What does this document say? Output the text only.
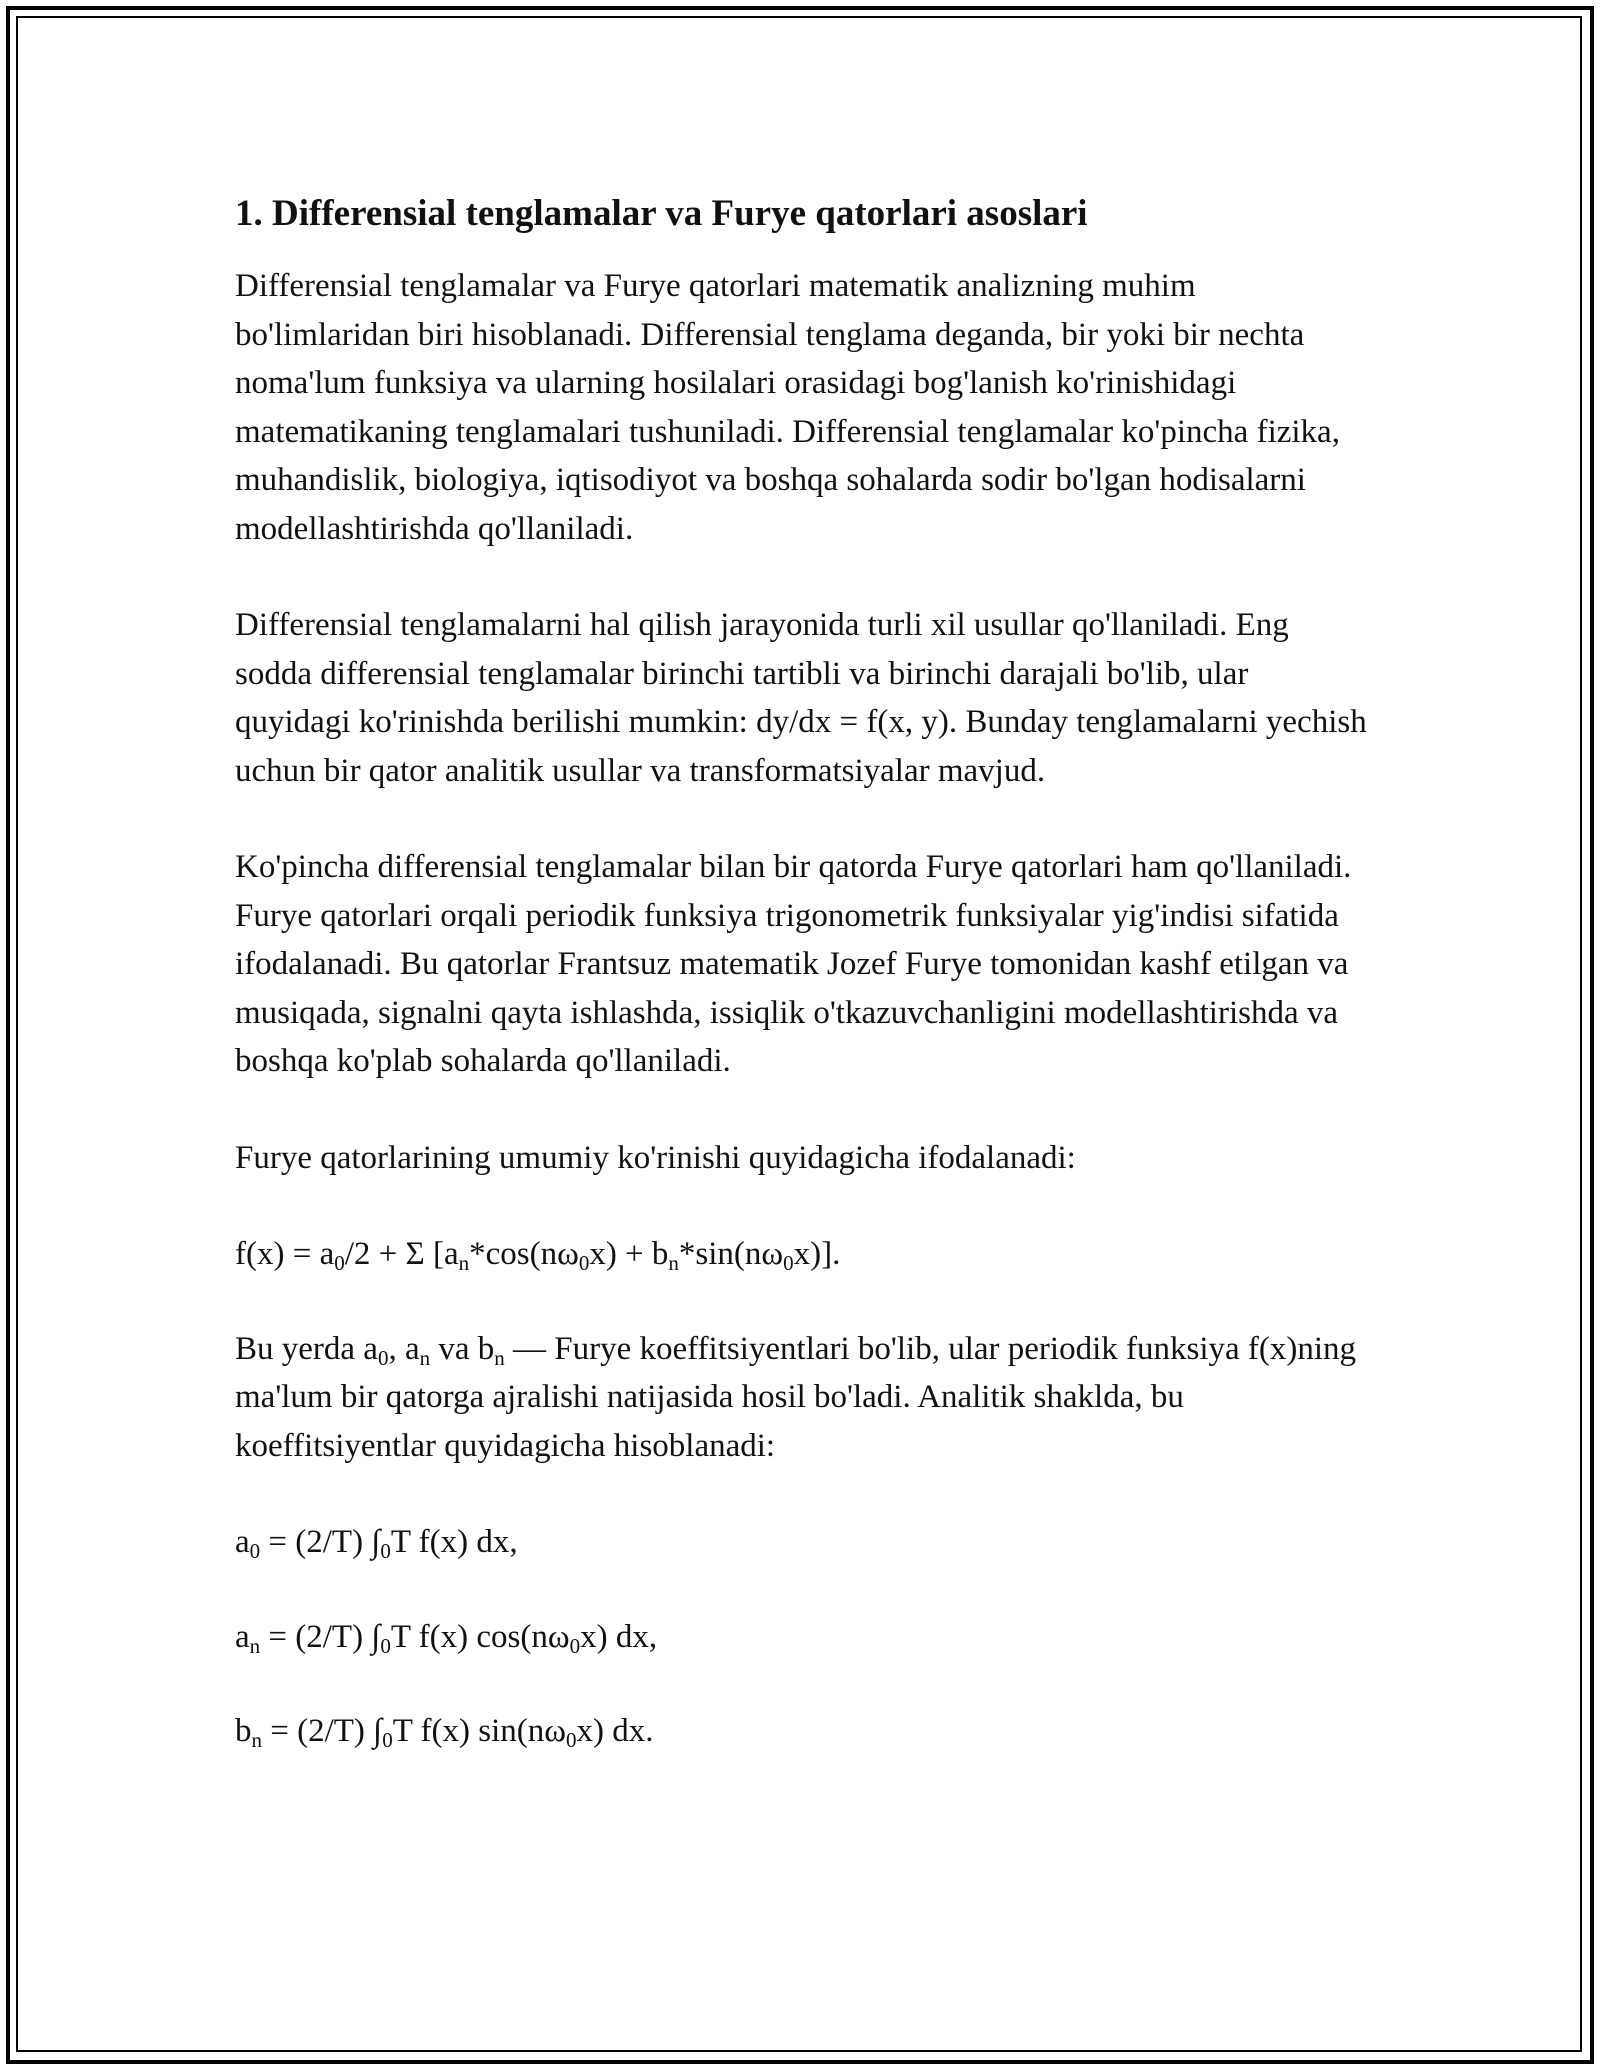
1. Differensial tenglamalar va Furye qatorlari asoslari

Differensial tenglamalar va Furye qatorlari matematik analizning muhim bo'limlaridan biri hisoblanadi. Differensial tenglama deganda, bir yoki bir nechta noma'lum funksiya va ularning hosilalari orasidagi bog'lanish ko'rinishidagi matematikaning tenglamalari tushuniladi. Differensial tenglamalar ko'pincha fizika, muhandislik, biologiya, iqtisodiyot va boshqa sohalarda sodir bo'lgan hodisalarni modellashtirishda qo'llaniladi.

Differensial tenglamalarni hal qilish jarayonida turli xil usullar qo'llaniladi. Eng sodda differensial tenglamalar birinchi tartibli va birinchi darajali bo'lib, ular quyidagi ko'rinishda berilishi mumkin: dy/dx = f(x, y). Bunday tenglamalarni yechish uchun bir qator analitik usullar va transformatsiyalar mavjud.

Ko'pincha differensial tenglamalar bilan bir qatorda Furye qatorlari ham qo'llaniladi. Furye qatorlari orqali periodik funksiya trigonometrik funksiyalar yig'indisi sifatida ifodalanadi. Bu qatorlar Frantsuz matematik Jozef Furye tomonidan kashf etilgan va musiqada, signalni qayta ishlashda, issiqlik o'tkazuvchanligini modellashtirishda va boshqa ko'plab sohalarda qo'llaniladi.

Furye qatorlarining umumiy ko'rinishi quyidagicha ifodalanadi:

$f(x) = a_0/2 + \Sigma$ $[a_n*\cos(n\omega_0x) + b_n*\sin(n\omega_0x)]$.

Bu yerda $a_0$, $a_n$ va $b_n$ — Furye koeffitsiyentlari bo'lib, ular periodik funksiya f(x)ning ma'lum bir qatorga ajralishi natijasida hosil bo'ladi. Analitik shaklda, bu koeffitsiyentlar quyidagicha hisoblanadi:

$a_0 = (2/T)$ $\int_0T$ f(x) dx,

$a_n = (2/T)$ $\int_0T$ f(x) $\cos(n\omega_0x)$ dx,

$b_n = (2/T)$ $\int_0T$ f(x) $\sin(n\omega_0x)$ dx.
